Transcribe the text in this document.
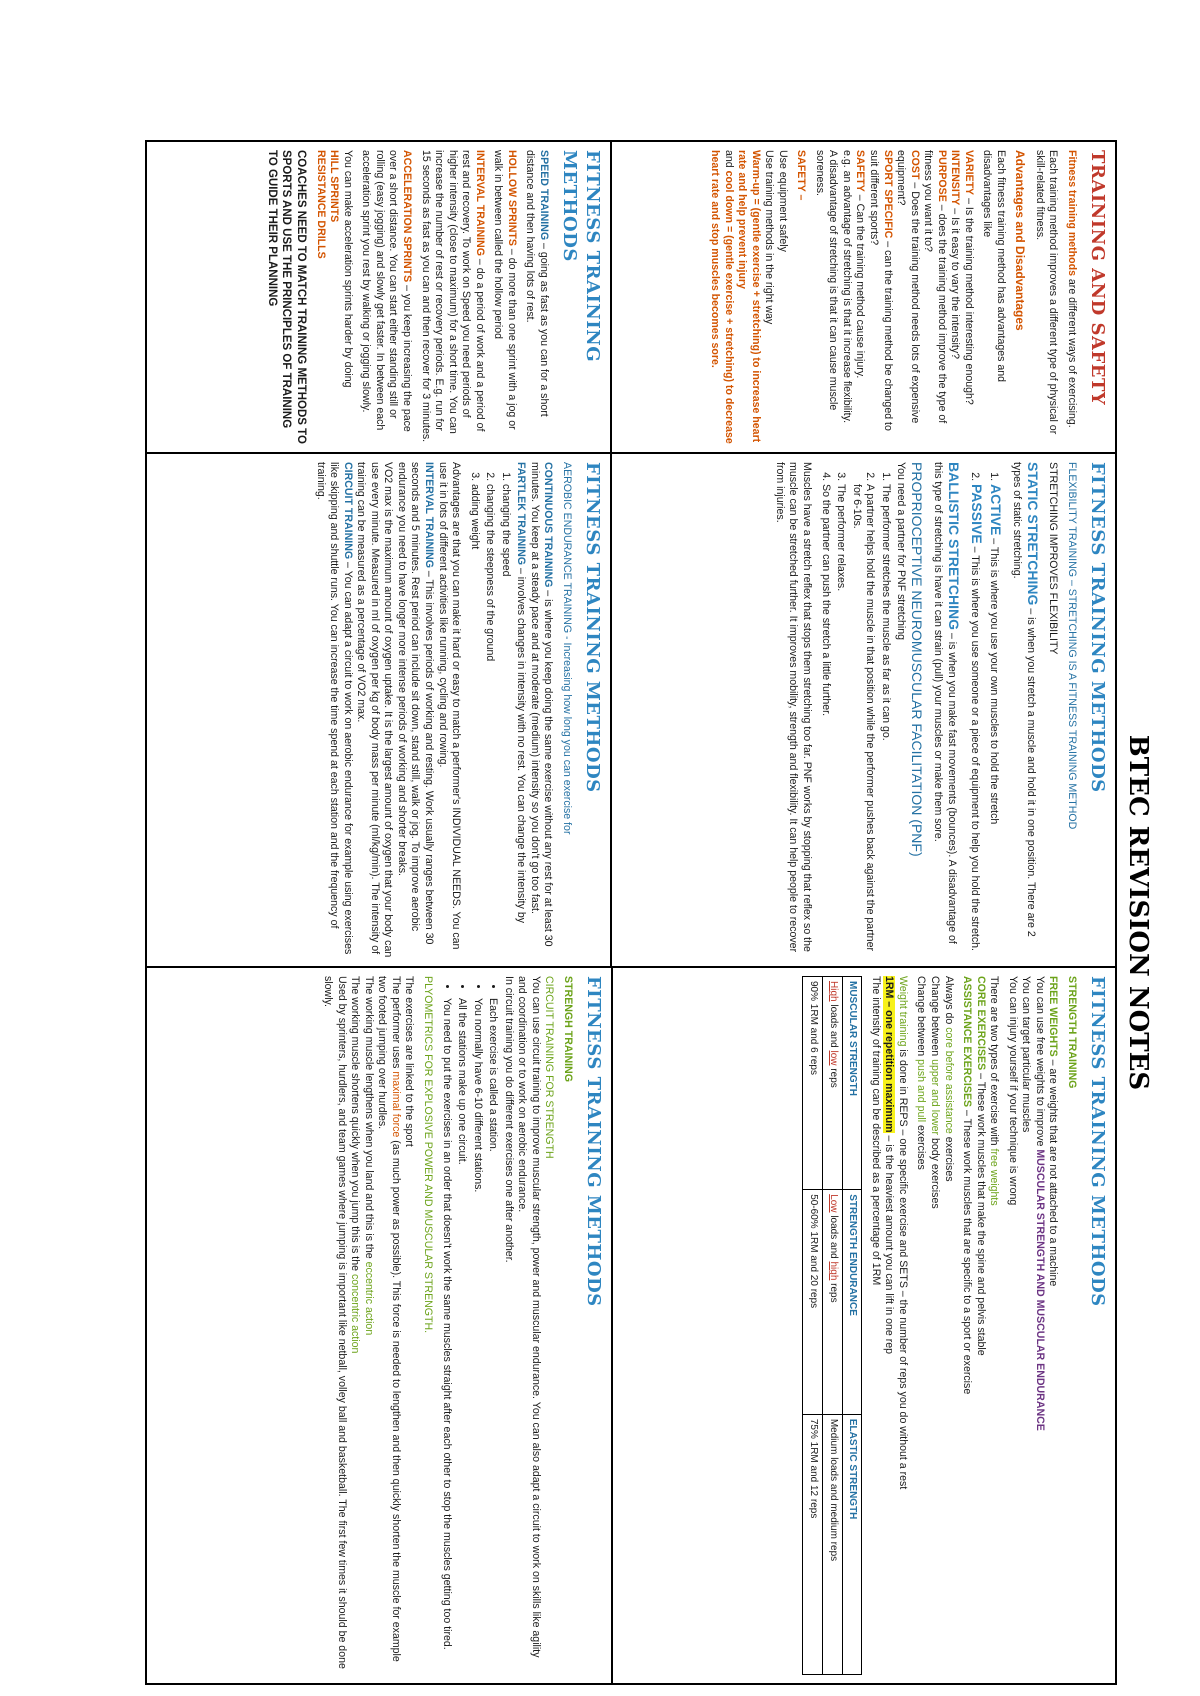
BTEC REVISION NOTES
TRAINING AND SAFETY

Fitness training methods are different ways of exercising.

Each training method improves a different type of physical or skill-related fitness.

Advantages and Disadvantages

Each fitness training method has advantages and disadvantages like

VARIETY – Is the training method interesting enough?
INTENSITY – Is it easy to vary the intensity?
PURPOSE – does the training method improve the type of fitness you want it to?
COST – Does the training method needs lots of expensive equipment?
SPORT SPECIFIC – can the training method be changed to suit different sports?
SAFETY – Can the training method cause injury.
e.g. an advantage of stretching is that it increase flexibility.

A disadvantage of stretching is that it can cause muscle soreness.

SAFETY –

Use equipment safely
Use training methods in the right way
Warm-up = (gentle exercise + stretching) to increase heart rate and help prevent injury
and cool down = (gentle exercise + stretching) to decrease heart rate and stop muscles becomes sore.
FITNESS TRAINING METHODS

FLEXIBILITY TRAINING – STRETCHING IS A FITNESS TRAINING METHOD

STRETCHING IMPROVES FLEXIBILITY

STATIC STRETCHING – is when you stretch a muscle and hold it in one position. There are 2 types of static stretching.

1. ACTIVE – This is where you use your own muscles to hold the stretch
2. PASSIVE – This is where you use someone or a piece of equipment to help you hold the stretch.

BALLISTIC STRETCHING – is when you make fast movements (bounces). A disadvantage of this type of stretching is have it can strain (pull) your muscles or make them sore.

PROPRIOCEPTIVE NEUROMUSCULAR FACILITATION (PNF)
You need a partner for PNF stretching
1. The performer stretches the muscle as far as it can go.
2. A partner helps hold the muscle in that position while the performer pushes back against the partner for 6-10s.
3. The performer relaxes.
4. So the partner can push the stretch a little further.

Muscles have a stretch reflex that stops them stretching too far. PNF works by stopping that reflex so the muscle can be stretched further. It improves mobility, strength and flexibility. It can help people to recover from injuries.

FITNESS TRAINING METHODS

SPEED TRAINING – going as fast as you can for a short distance and then having lots of rest.

HOLLOW SPRINTS – do more than one sprint with a jog or walk in between called the hollow period

INTERVAL TRAINING – do a period of work and a period of rest and recovery. To work on Speed you need periods of higher intensity (close to maximum) for a short time. You can increase the number of rest or recovery periods. E.g. run for 15 seconds as fast as you can and then recover for 3 minutes.

ACCELERATION SPRINTS – you keep increasing the pace over a short distance. You can start either standing still or rolling (easy jogging) and slowly get faster. In between each acceleration sprint you rest by walking or jogging slowly.

You can make acceleration sprints harder by doing
HILL SPRINTS

RESISTANCE DRILLS

COACHES NEED TO MATCH TRAINING METHODS TO SPORTS AND USE THE PRINCIPLES OF TRAINING TO GUIDE THEIR PLANNING

FITNESS TRAINING METHODS

AEROBIC ENDURANCE TRAINING - Increasing how long you can exercise for

CONTINUOUS TRAINING – is where you keep doing the same exercise without any rest for at least 30 minutes. You keep at a steady pace and at moderate (medium) intensity so you don't go too fast.
FARTLEK TRAINING – involves changes in intensity with no rest. You can change the intensity by
1. changing the speed
2. changing the steepness of the ground
3. adding weight
Advantages are that you can make it hard or easy to match a performer's INDIVIDUAL NEEDS. You can use it in lots of different activities like running, cycling and rowing.
INTERVAL TRAINING – This involves periods of working and resting. Work usually ranges between 30 seconds and 5 minutes. Rest period can include sit down, stand still, walk or jog. To improve aerobic endurance you need to have longer more intense periods of working and shorter breaks.
VO2 max is the maximum amount of oxygen uptake. It is the largest amount of oxygen that your body can use every minute. Measured in ml of oxygen per kg of body mass per minute (ml/kg/min). The intensity of training can be measured as a percentage of VO2 max.
CIRCUIT TRAINING – You can adapt a circuit to work on aerobic endurance for example using exercises like skipping and shuttle runs. You can increase the time spend at each station and the frequency of training.
FITNESS TRAINING METHODS

STRENGTH TRAINING

FREE WEIGHTS – are weights that are not attached to a machine
You can use free weights to improve MUSCULAR STRENGTH AND MUSCULAR ENDURANCE
You can target particular muscles

You can injury yourself if your technique is wrong

There are two types of exercise with free weights
CORE EXERCISES – These work muscles that make the spine and pelvis stable

ASSISTANCE EXERCISES – These work muscles that are specific to a sport or exercise

Always do core before assistance exercises
Change between upper and lower body exercises

Change between push and pull exercises

Weight training is done in REPS – one specific exercise and SETS – the number of reps you do without a rest
1RM – one repetition maximum – is the heaviest amount you can lift in one rep
The intensity of training can be described as a percentage of 1RM
MUSCULAR STRENGTH	STRENGTH ENDURANCE	ELASTIC STRENGTH
High loads and low reps	Low loads and high reps	Medium loads and medium reps
90% 1RM and 6 reps	50-60% 1RM and 20 reps	75% 1RM and 12 reps
FITNESS TRAINING METHODS

STRENGH TRAINING

CIRCUIT TRAINING FOR STRENGTH
You can use circuit training to improve muscular strength, power and muscular endurance. You can also adapt a circuit to work on skills like agility and coordination or to work on aerobic endurance.
In circuit training you do different exercises one after another.
• Each exercise is called a station.
• You normally have 6-10 different stations.
• All the stations make up one circuit.
• You need to put the exercises in an order that doesn't work the same muscles straight after each other to stop the muscles getting too tired.

PLYOMETRICS FOR EXPLOSIVE POWER AND MUSCULAR STRENGTH.

The exercises are linked to the sport
The performer uses maximal force (as much power as possible). This force is needed to lengthen and then quickly shorten the muscle for example two footed jumping over hurdles.
The working muscle lengthens when you land and this is the eccentric action
The working muscle shortens quickly when you jump this is the concentric action
Used by sprinters, hurdlers, and team games where jumping is important like netball, volley ball and basketball. The first few times it should be done slowly.
